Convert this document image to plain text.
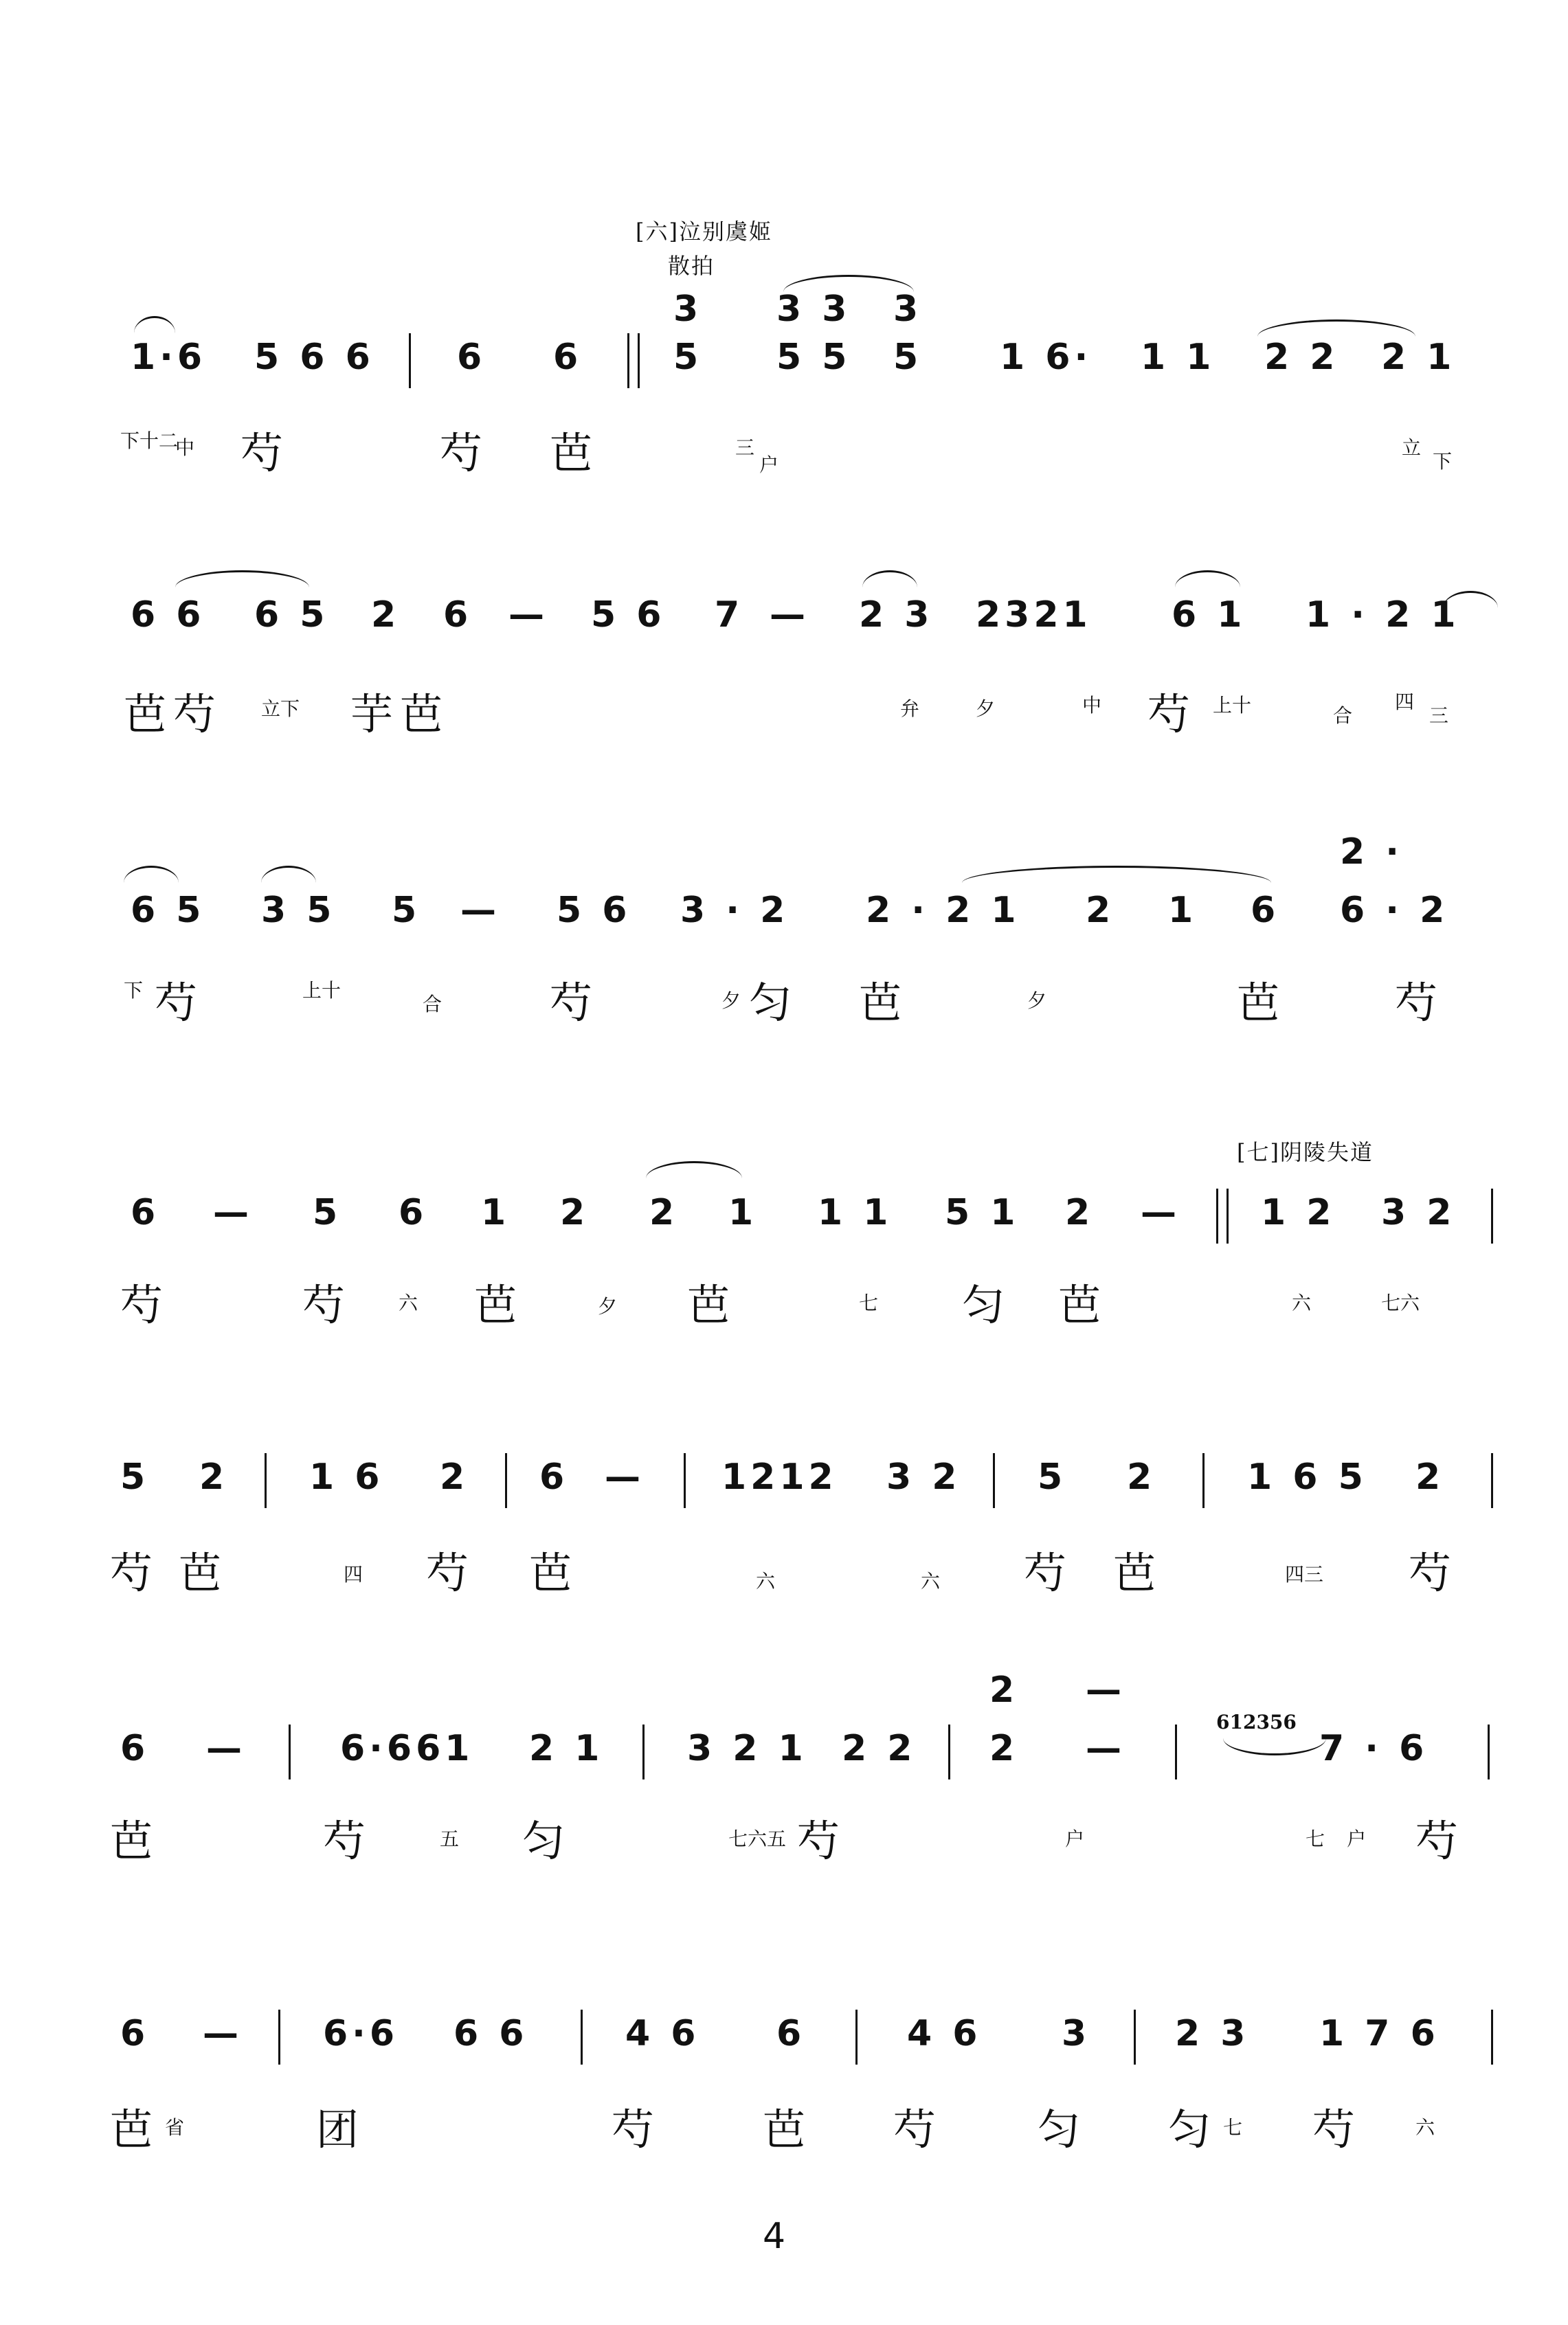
[六]泣别虞姬
散拍
3 3 3 3
1·6 5 6 6 6 6	5 5 5 5 1 6· 1 1 2 2 2 1
下十二
中 芍	芍 芭	三
户
立
下
6 6 6 5 2 6 — 5 6 7 — 2 3 2321 6 1 1 · 2 1
芭芍 立下 芋芭	弁	夕	中 芍 上十	合
四
三
2 ·
6 5 3 5 5 — 5 6 3 · 2 2 · 2 1 2 1 6 6 · 2
下 芍	上十
合	芍	夕 匀 芭	夕	芭	芍
[七]阴陵失道
6 — 5 6 1 2 2 1 1 1 5 1 2 — 1 2 3 2
芍	芍 六 芭	夕 芭	七 匀 芭	六	七六
5 2 1 6 2 6 — 1212 3 2 5 2	1 6 5 2
芍 芭	四 芍 芭	六	六 芍 芭	四三 芍
2 —
6 —	6·661 2 1 3 2 1 2 2 2 —
612356
7 · 6
芭	芍	五 匀	七六五 芍	户	七 户 芍
6 — 6·6 6 6	4 6 6	4 6 3 2 3 1 7 6
芭 省	团	芍 芭 芍 匀 匀 七 芍	六
4
